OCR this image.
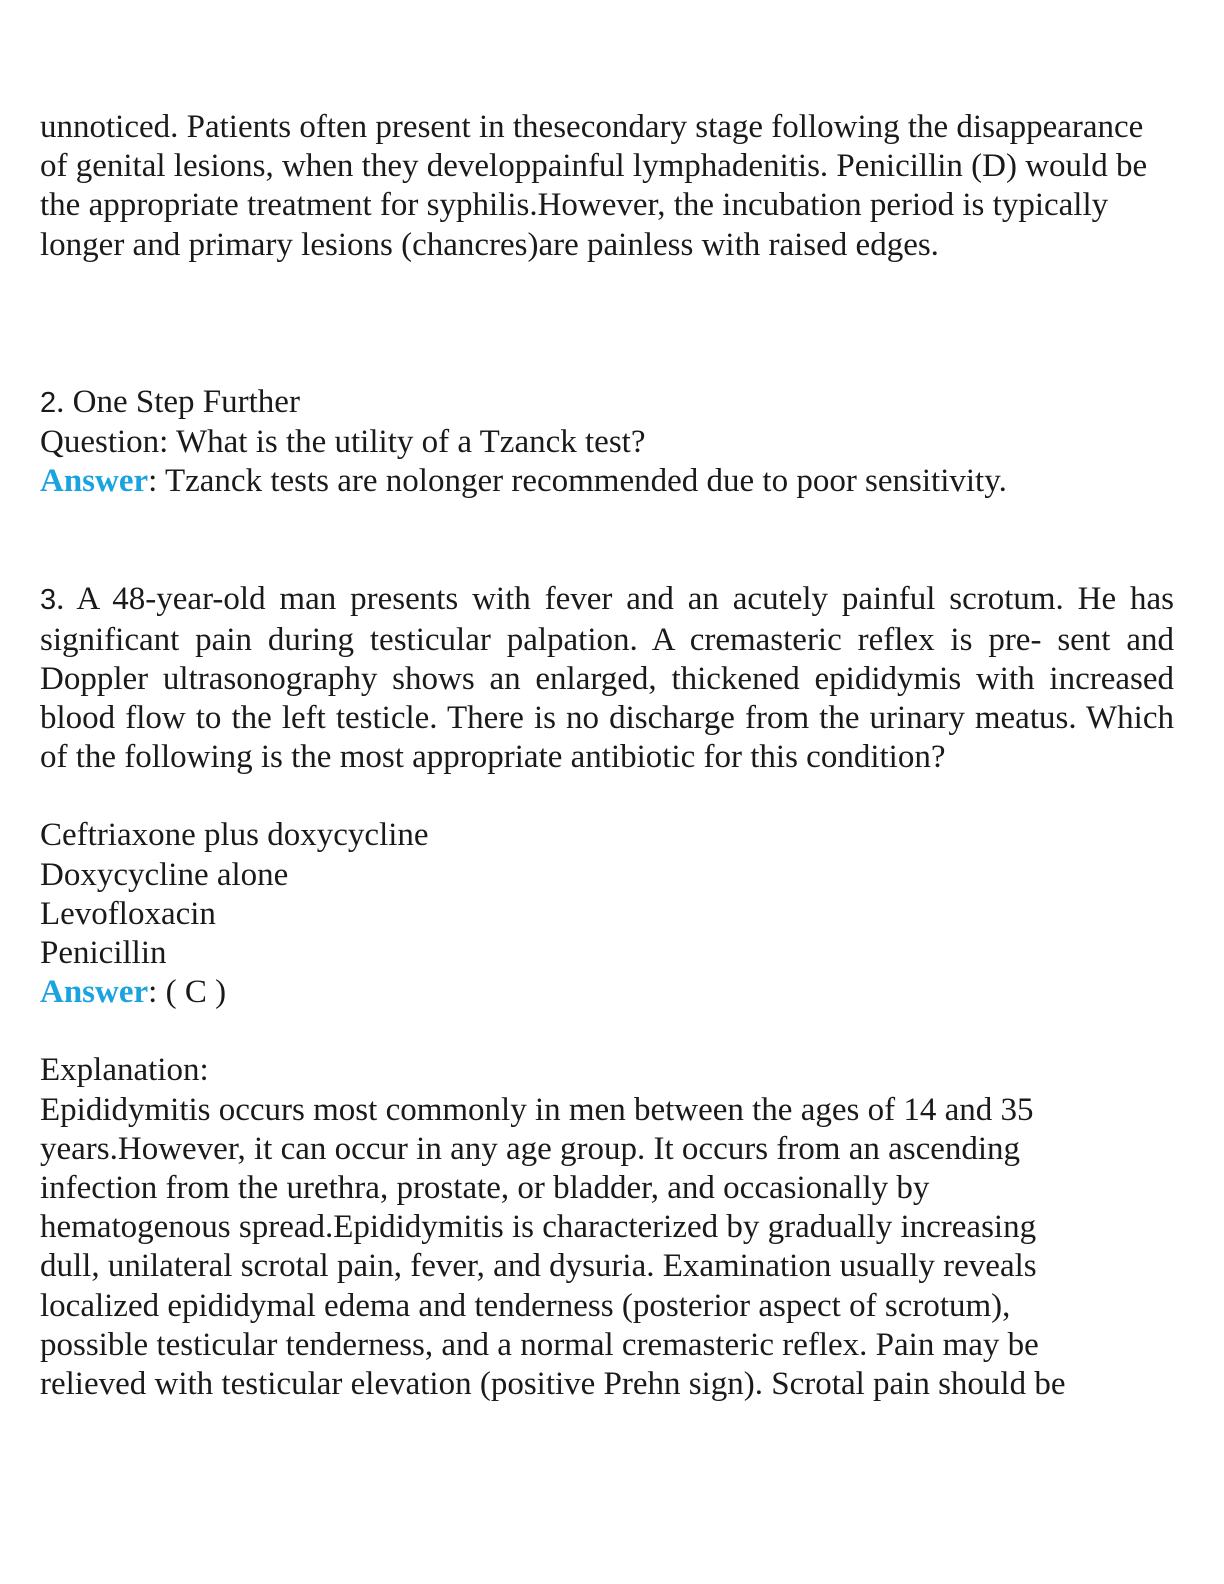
unnoticed. Patients often present in thesecondary stage following the disappearance of genital lesions, when they developpainful lymphadenitis. Penicillin (D) would be the appropriate treatment for syphilis.However, the incubation period is typically longer and primary lesions (chancres)are painless with raised edges.

2. One Step Further

Question: What is the utility of a Tzanck test?

Answer: Tzanck tests are nolonger recommended due to poor sensitivity.

3. A 48-year-old man presents with fever and an acutely painful scrotum. He has significant pain during testicular palpation. A cremasteric reflex is pre- sent and Doppler ultrasonography shows an enlarged, thickened epididymis with increased blood flow to the left testicle. There is no discharge from the urinary meatus. Which of the following is the most appropriate antibiotic for this condition?

Ceftriaxone plus doxycycline
Doxycycline alone
Levofloxacin
Penicillin

Answer: ( C )

Explanation:

Epididymitis occurs most commonly in men between the ages of 14 and 35
years.However, it can occur in any age group. It occurs from an ascending
infection from the urethra, prostate, or bladder, and occasionally by
hematogenous spread.Epididymitis is characterized by gradually increasing
dull, unilateral scrotal pain, fever, and dysuria. Examination usually reveals
localized epididymal edema and tenderness (posterior aspect of scrotum),
possible testicular tenderness, and a normal cremasteric reflex. Pain may be
relieved with testicular elevation (positive Prehn sign). Scrotal pain should be
